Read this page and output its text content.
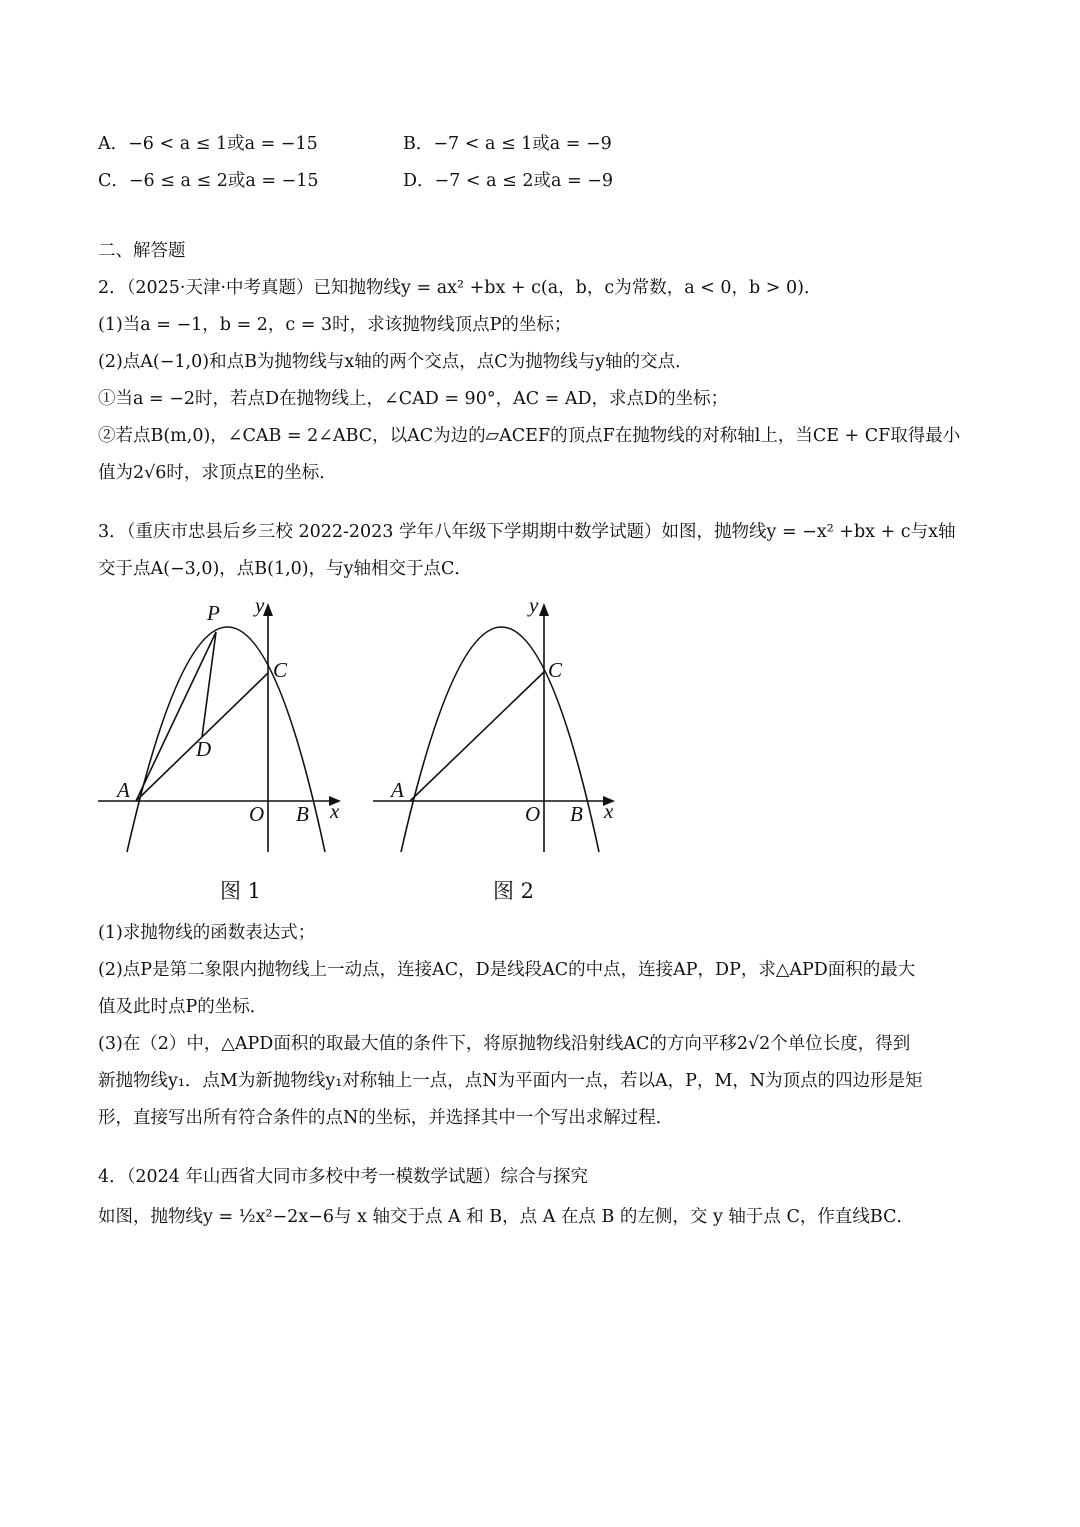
A．−6 < a ≤ 1或a = −15	B．−7 < a ≤ 1或a = −9
C．−6 ≤ a ≤ 2或a = −15	D．−7 < a ≤ 2或a = −9
二、解答题
2．（2025·天津·中考真题）已知抛物线y = ax² +bx + c(a，b，c为常数，a < 0，b > 0)．
(1)当a = −1，b = 2，c = 3时，求该抛物线顶点P的坐标；
(2)点A(−1,0)和点B为抛物线与x轴的两个交点，点C为抛物线与y轴的交点．
①当a = −2时，若点D在抛物线上，∠CAD = 90°，AC = AD，求点D的坐标；
②若点B(m,0)，∠CAB = 2∠ABC，以AC为边的▱ACEF的顶点F在抛物线的对称轴l上，当CE + CF取得最小
值为2√6时，求顶点E的坐标．
3．（重庆市忠县后乡三校 2022-2023 学年八年级下学期期中数学试题）如图，抛物线y = −x² +bx + c与x轴
交于点A(−3,0)，点B(1,0)，与y轴相交于点C．
P y
C
D
A
O B x
y
C
A
O B x
图 1	图 2
(1)求抛物线的函数表达式；
(2)点P是第二象限内抛物线上一动点，连接AC，D是线段AC的中点，连接AP，DP，求△APD面积的最大
值及此时点P的坐标．
(3)在（2）中，△APD面积的取最大值的条件下，将原抛物线沿射线AC的方向平移2√2个单位长度，得到
新抛物线y₁．点M为新抛物线y₁对称轴上一点，点N为平面内一点，若以A，P，M，N为顶点的四边形是矩
形，直接写出所有符合条件的点N的坐标，并选择其中一个写出求解过程．
4．（2024 年山西省大同市多校中考一模数学试题）综合与探究
如图，抛物线y = ½x²−2x−6与 x 轴交于点 A 和 B，点 A 在点 B 的左侧，交 y 轴于点 C，作直线BC．
